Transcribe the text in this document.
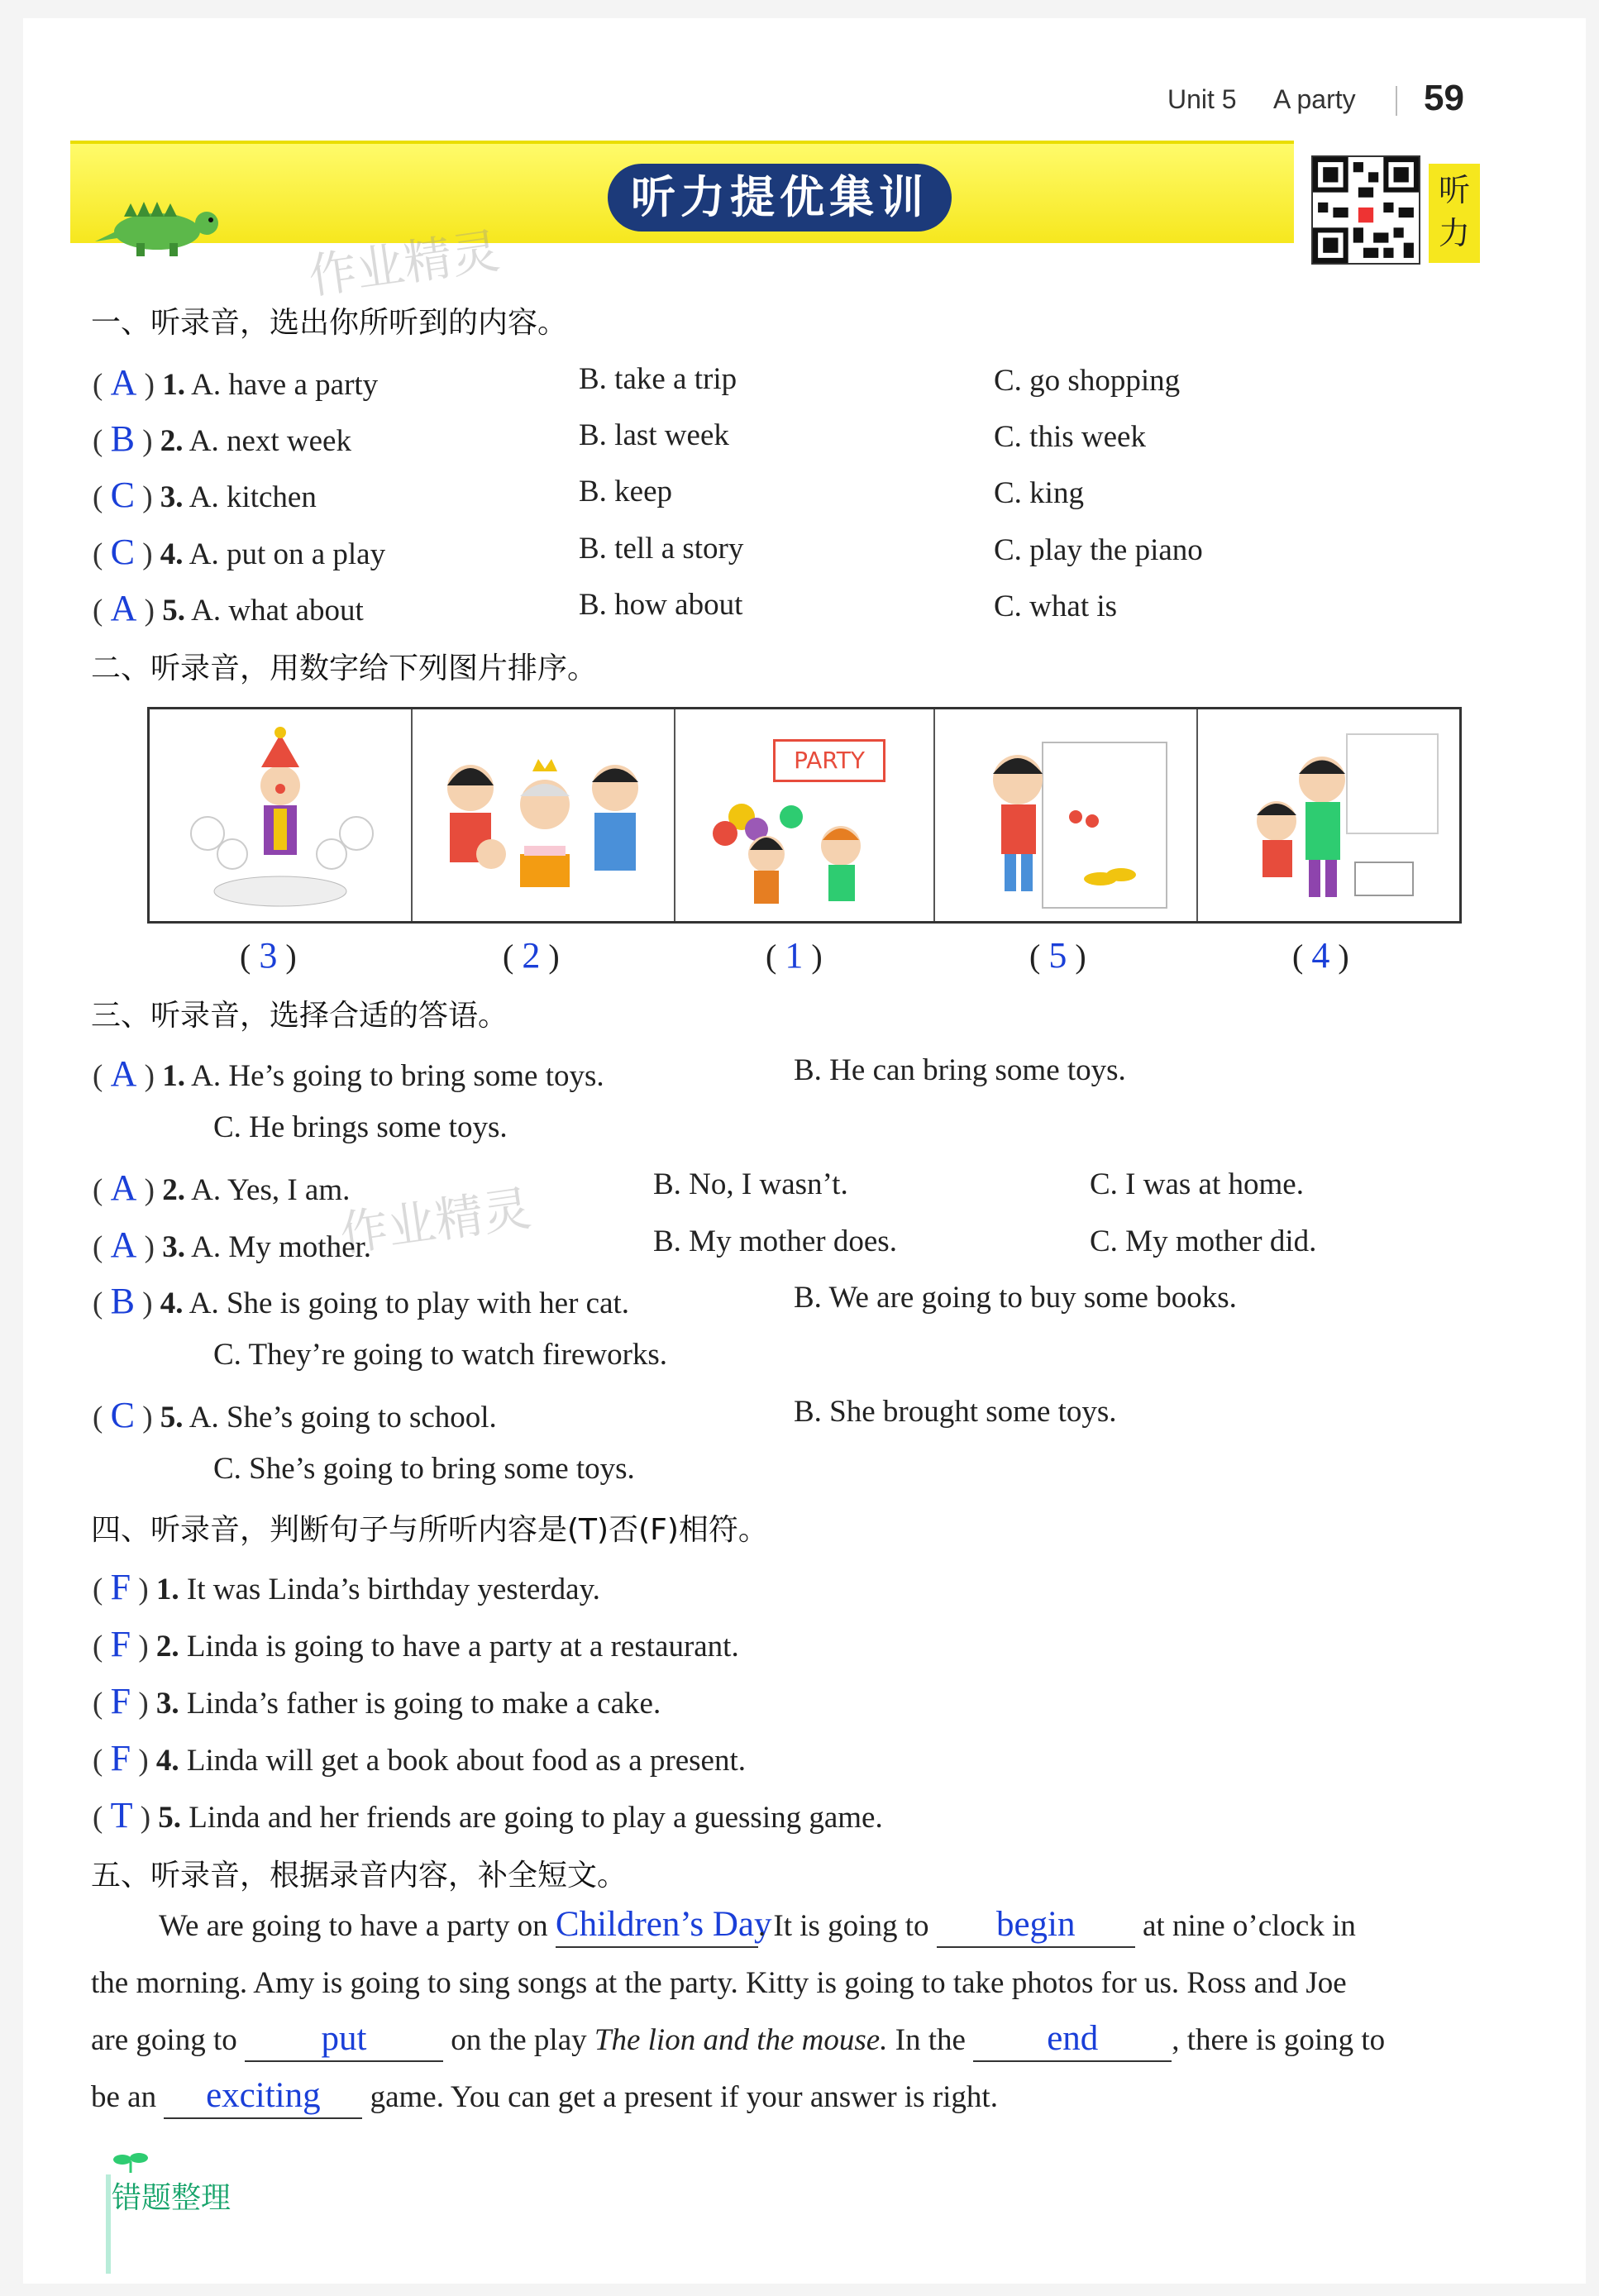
Unit 5 A party 59
作业精灵
听力提优集训	听
力
一、听录音，选出你所听到的内容。
( A ) 1. A. have a party	B. take a trip	C. go shopping
( B ) 2. A. next week	B. last week	C. this week
( C ) 3. A. kitchen	B. keep	C. king
( C ) 4. A. put on a play	B. tell a story	C. play the piano
( A ) 5. A. what about	B. how about	C. what is
二、听录音，用数字给下列图片排序。
PARTY
( 3 )	( 2 )	( 1 )	( 5 )	( 4 )
三、听录音，选择合适的答语。
( A ) 1. A. He’s going to bring some toys.	B. He can bring some toys.
C. He brings some toys.
( A ) 2. A. Yes, I am.	B. No, I wasn’t.	C. I was at home.
作业精灵
( A ) 3. A. My mother.	B. My mother does.	C. My mother did.
( B ) 4. A. She is going to play with her cat.	B. We are going to buy some books.
C. They’re going to watch fireworks.
( C ) 5. A. She’s going to school.	B. She brought some toys.
C. She’s going to bring some toys.
四、听录音，判断句子与所听内容是(T)否(F)相符。
( F ) 1. It was Linda’s birthday yesterday.
( F ) 2. Linda is going to have a party at a restaurant.
( F ) 3. Linda’s father is going to make a cake.
( F ) 4. Linda will get a book about food as a present.
( T ) 5. Linda and her friends are going to play a guessing game.
五、听录音，根据录音内容，补全短文。
We are going to have a party on Children’s Day. It is going to begin at nine o’clock in
the morning. Amy is going to sing songs at the party. Kitty is going to take photos for us. Ross and Joe
are going to put	on the play The lion and the mouse. In the end , there is going to
be an exciting game. You can get a present if your answer is right.
错题整理
